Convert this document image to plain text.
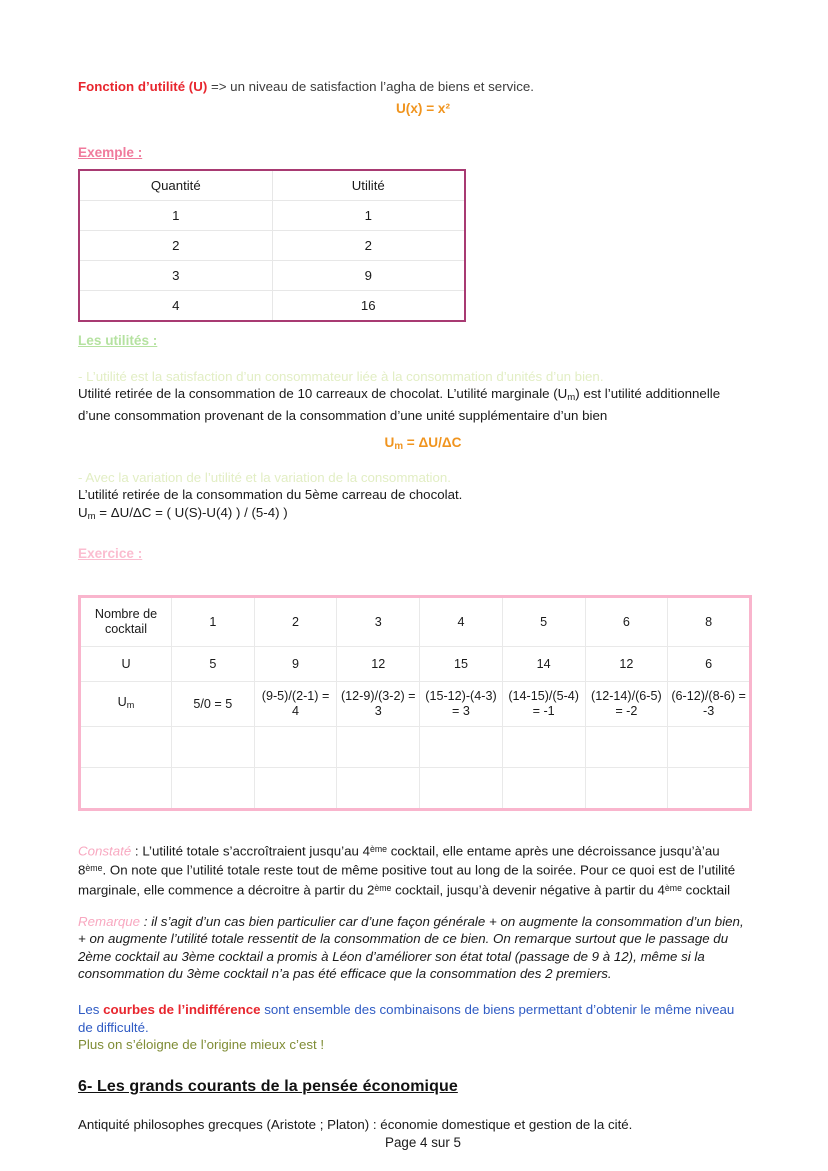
Fonction d’utilité (U) => un niveau de satisfaction l’agha de biens et service.
U(x) = x²
Exemple :
Quantité	Utilité
1	1
2	2
3	9
4	16
Les utilités :
- L’utilité est la satisfaction d’un consommateur liée à la consommation d’unités d’un bien.

Utilité retirée de la consommation de 10 carreaux de chocolat. L’utilité marginale $(U_m)$ est l’utilité additionnelle d’une consommation provenant de la consommation d’une unité supplémentaire d’un bien

$U_m = \Delta U/\Delta C$
- Avec la variation de l’utilité et la variation de la consommation.
L’utilité retirée de la consommation du 5ème carreau de chocolat.
$U_m = \Delta U/\Delta C$ = ( U(S)-U(4) ) / (5-4) )
Exercice :
Nombre de
cocktail	1	2	3	4	5	6	8
U	5	9	12	15	14	12	6
$U_m$	5/0 = 5	(9-5)/(2-1) = 4	(12-9)/(3-2) = 3	(15-12)-(4-3) = 3	(14-15)/(5-4) = -1	(12-14)/(6-5) = -2	(6-12)/(8-6) = -3

Constaté : L’utilité totale s’accroîtraient jusqu’au 4ème cocktail, elle entame après une décroissance jusqu’à’au 8ème. On note que l’utilité totale reste tout de même positive tout au long de la soirée. Pour ce quoi est de l’utilité marginale, elle commence a décroitre à partir du 2ème cocktail, jusqu’à devenir négative à partir du 4ème cocktail

Remarque : il s’agit d’un cas bien particulier car d’une façon générale + on augmente la consommation d’un bien, + on augmente l’utilité totale ressentit de la consommation de ce bien. On remarque surtout que le passage du 2ème cocktail au 3ème cocktail a promis à Léon d’améliorer son état total (passage de 9 à 12), même si la consommation du 3ème cocktail n’a pas été efficace que la consommation des 2 premiers.

Les courbes de l’indifférence sont ensemble des combinaisons de biens permettant d’obtenir le même niveau de difficulté.

Plus on s’éloigne de l’origine mieux c’est !
6- Les grands courants de la pensée économique
Antiquité philosophes grecques (Aristote ; Platon) : économie domestique et gestion de la cité.
Page 4 sur 5
